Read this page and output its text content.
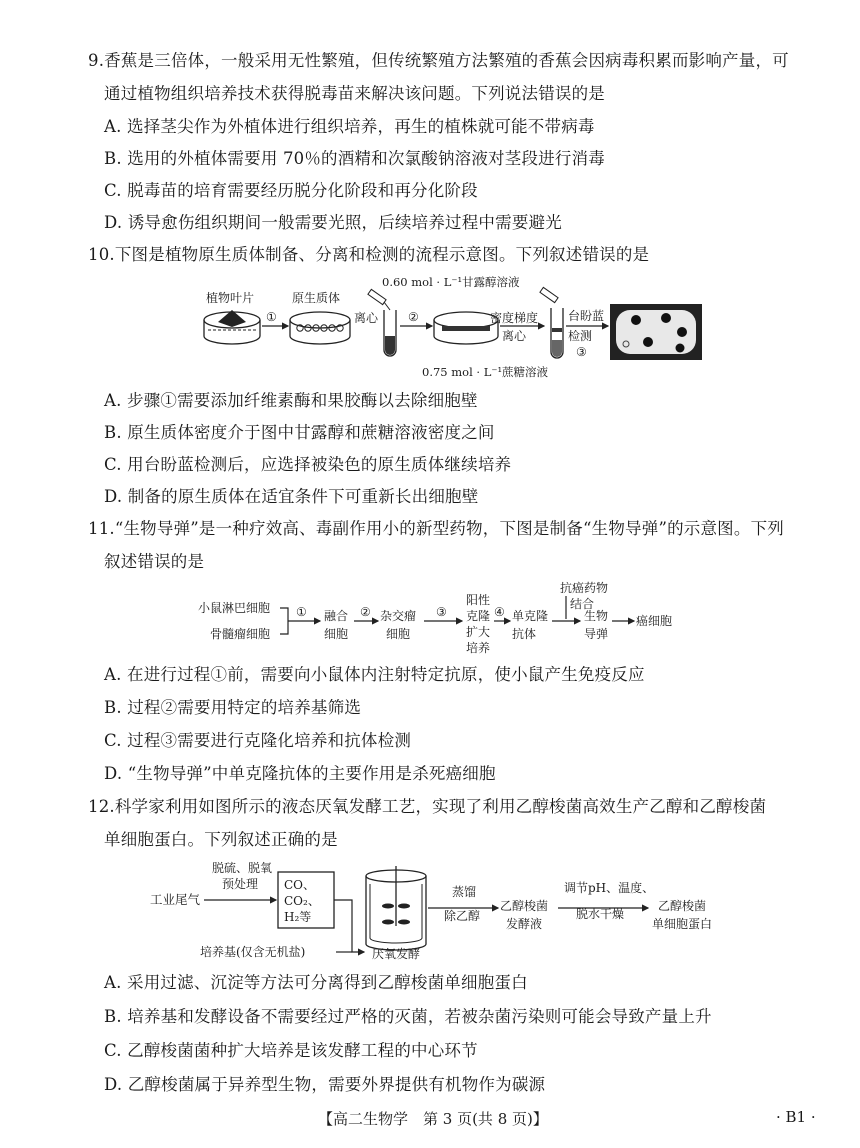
9.香蕉是三倍体，一般采用无性繁殖，但传统繁殖方法繁殖的香蕉会因病毒积累而影响产量，可
通过植物组织培养技术获得脱毒苗来解决该问题。下列说法错误的是
A. 选择茎尖作为外植体进行组织培养，再生的植株就可能不带病毒
B. 选用的外植体需要用 70％的酒精和次氯酸钠溶液对茎段进行消毒
C. 脱毒苗的培育需要经历脱分化阶段和再分化阶段
D. 诱导愈伤组织期间一般需要光照，后续培养过程中需要避光
10.下图是植物原生质体制备、分离和检测的流程示意图。下列叙述错误的是
植物叶片
①
原生质体
离心 ②
0.60 mol · L⁻¹甘露醇溶液
密度梯度
离心
台盼蓝
检测
③
0.75 mol · L⁻¹蔗糖溶液
A. 步骤①需要添加纤维素酶和果胶酶以去除细胞壁
B. 原生质体密度介于图中甘露醇和蔗糖溶液密度之间
C. 用台盼蓝检测后，应选择被染色的原生质体继续培养
D. 制备的原生质体在适宜条件下可重新长出细胞壁
11.“生物导弹”是一种疗效高、毒副作用小的新型药物，下图是制备“生物导弹”的示意图。下列
叙述错误的是
小鼠淋巴细胞
骨髓瘤细胞
① 融合
细胞
② 杂交瘤
细胞
③
阳性
克隆
扩大
培养
④ 单克隆
抗体
抗癌药物
结合
生物
导弹
癌细胞
A. 在进行过程①前，需要向小鼠体内注射特定抗原，使小鼠产生免疫反应
B. 过程②需要用特定的培养基筛选
C. 过程③需要进行克隆化培养和抗体检测
D. “生物导弹”中单克隆抗体的主要作用是杀死癌细胞
12.科学家利用如图所示的液态厌氧发酵工艺，实现了利用乙醇梭菌高效生产乙醇和乙醇梭菌
单细胞蛋白。下列叙述正确的是
脱硫、脱氧
预处理
工业尾气
CO、
CO₂、
H₂等
培养基(仅含无机盐)	厌氧发酵
蒸馏
除乙醇
乙醇梭菌
发酵液
调节pH、温度、
脱水干燥
乙醇梭菌
单细胞蛋白
A. 采用过滤、沉淀等方法可分离得到乙醇梭菌单细胞蛋白
B. 培养基和发酵设备不需要经过严格的灭菌，若被杂菌污染则可能会导致产量上升
C. 乙醇梭菌菌种扩大培养是该发酵工程的中心环节
D. 乙醇梭菌属于异养型生物，需要外界提供有机物作为碳源
【高二生物学　第 3 页(共 8 页)】	· B1 ·
